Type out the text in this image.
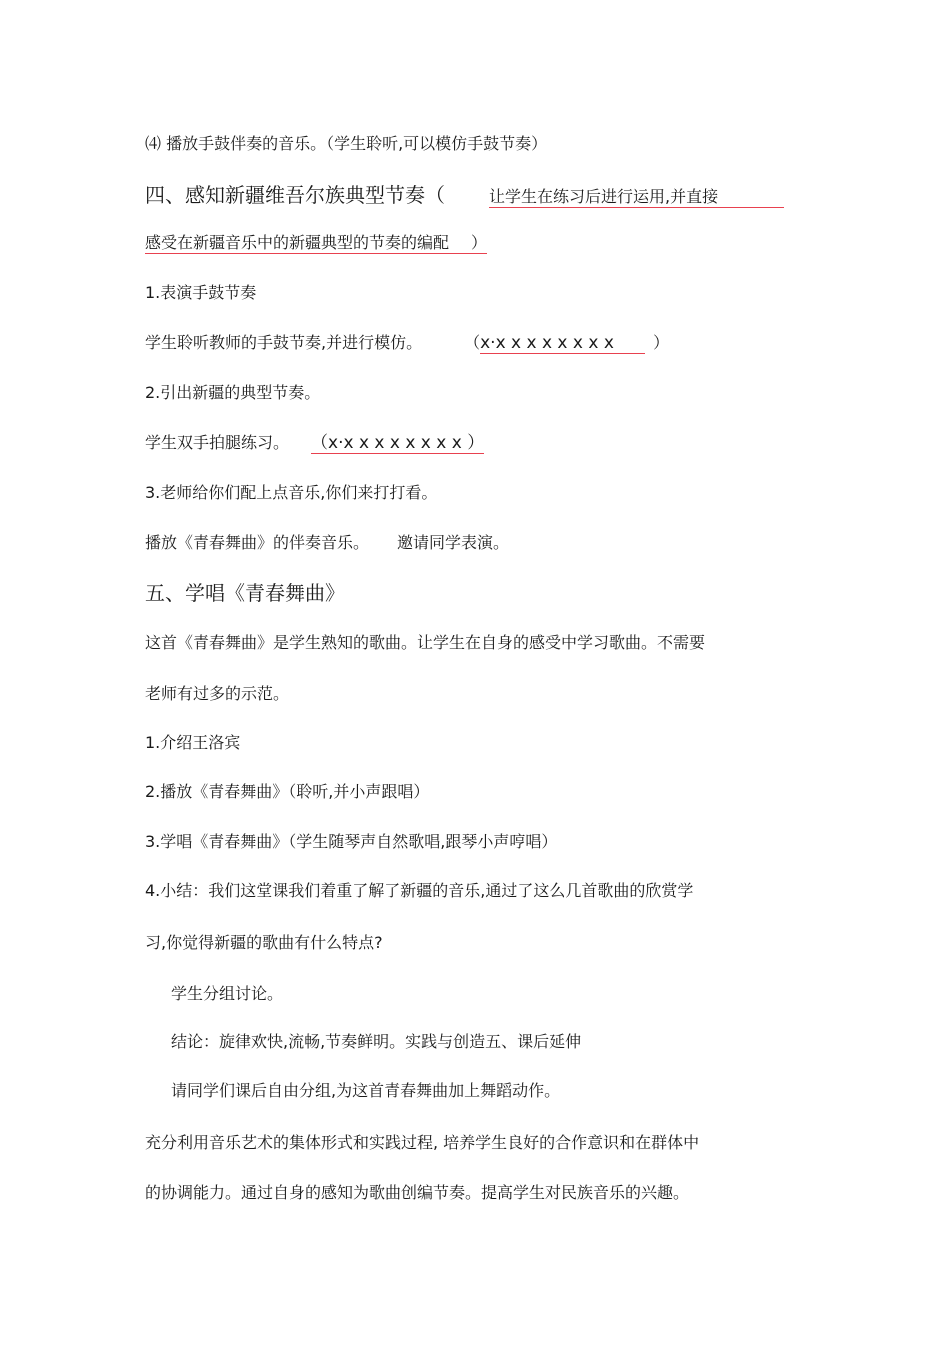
⑷ 播放手鼓伴奏的音乐。（学生聆听,可以模仿手鼓节奏）
四、感知新疆维吾尔族典型节奏（	让学生在练习后进行运用,并直接
感受在新疆音乐中的新疆典型的节奏的编配 ）
1.表演手鼓节奏
学生聆听教师的手鼓节奏,并进行模仿。	（x·x x x x x x x x ）
2.引出新疆的典型节奏。
学生双手拍腿练习。 （x·x x x x x x x x ）
3.老师给你们配上点音乐,你们来打打看。
播放《青春舞曲》的伴奏音乐。 邀请同学表演。
五、学唱《青春舞曲》
这首《青春舞曲》是学生熟知的歌曲。让学生在自身的感受中学习歌曲。不需要
老师有过多的示范。
1.介绍王洛宾
2.播放《青春舞曲》（聆听,并小声跟唱）
3.学唱《青春舞曲》（学生随琴声自然歌唱,跟琴小声哼唱）
4.小结：我们这堂课我们着重了解了新疆的音乐,通过了这么几首歌曲的欣赏学
习,你觉得新疆的歌曲有什么特点?
学生分组讨论。
结论：旋律欢快,流畅,节奏鲜明。实践与创造五、课后延伸
请同学们课后自由分组,为这首青春舞曲加上舞蹈动作。
充分利用音乐艺术的集体形式和实践过程, 培养学生良好的合作意识和在群体中
的协调能力。通过自身的感知为歌曲创编节奏。提高学生对民族音乐的兴趣。
